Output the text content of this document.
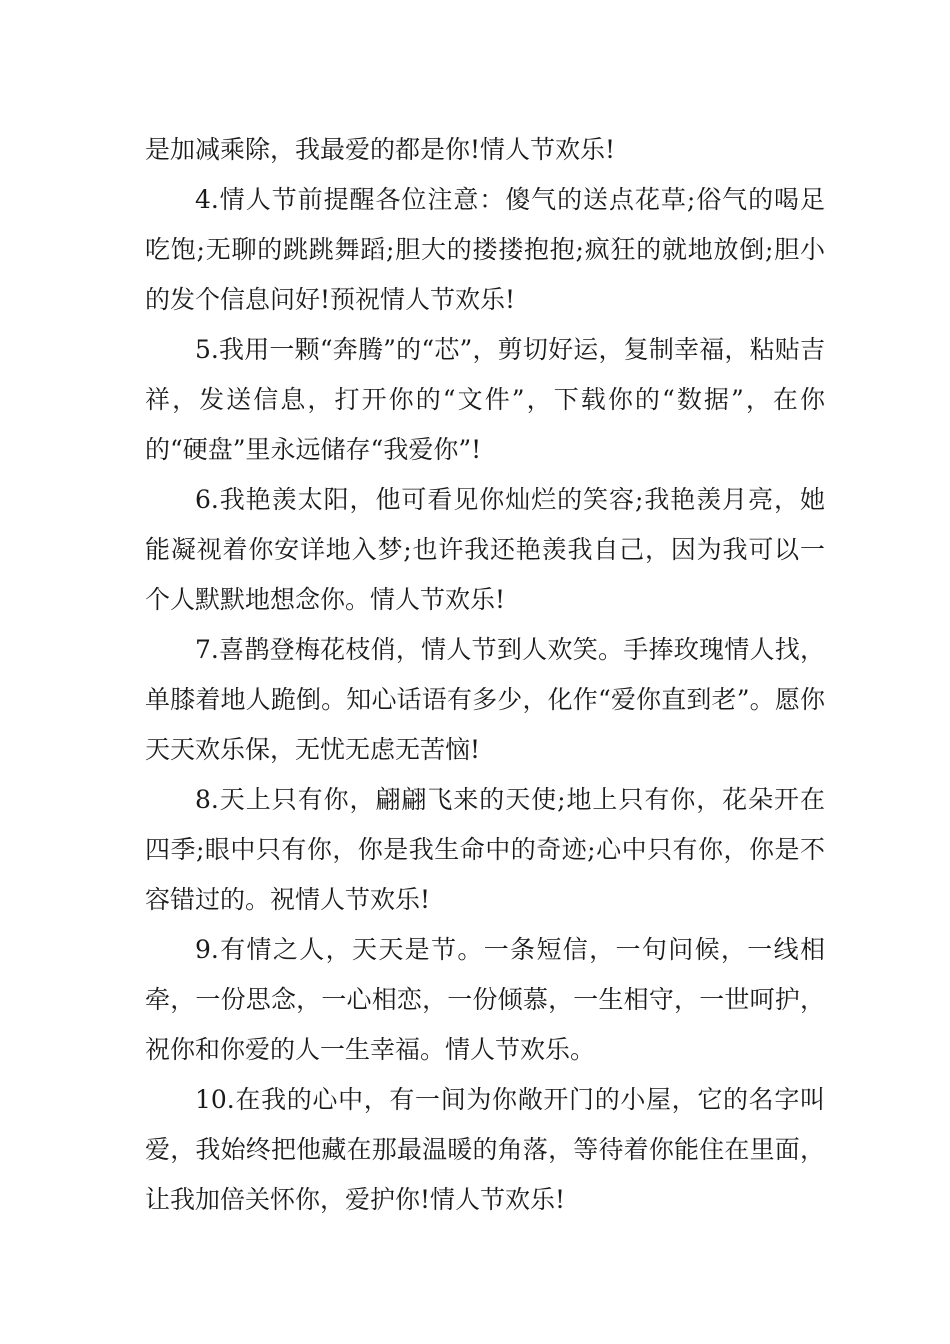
是加减乘除，我最爱的都是你!情人节欢乐!

4.情人节前提醒各位注意：傻气的送点花草;俗气的喝足吃饱;无聊的跳跳舞蹈;胆大的搂搂抱抱;疯狂的就地放倒;胆小的发个信息问好!预祝情人节欢乐!

5.我用一颗“奔腾”的“芯”，剪切好运，复制幸福，粘贴吉祥，发送信息，打开你的“文件”，下载你的“数据”，在你的“硬盘”里永远储存“我爱你”!

6.我艳羡太阳，他可看见你灿烂的笑容;我艳羡月亮，她能凝视着你安详地入梦;也许我还艳羡我自己，因为我可以一个人默默地想念你。情人节欢乐!

7.喜鹊登梅花枝俏，情人节到人欢笑。手捧玫瑰情人找，单膝着地人跪倒。知心话语有多少，化作“爱你直到老”。愿你天天欢乐保，无忧无虑无苦恼!

8.天上只有你，翩翩飞来的天使;地上只有你，花朵开在四季;眼中只有你，你是我生命中的奇迹;心中只有你，你是不容错过的。祝情人节欢乐!

9.有情之人，天天是节。一条短信，一句问候，一线相牵，一份思念，一心相恋，一份倾慕，一生相守，一世呵护，祝你和你爱的人一生幸福。情人节欢乐。

10.在我的心中，有一间为你敞开门的小屋，它的名字叫爱，我始终把他藏在那最温暖的角落，等待着你能住在里面，让我加倍关怀你，爱护你!情人节欢乐!
